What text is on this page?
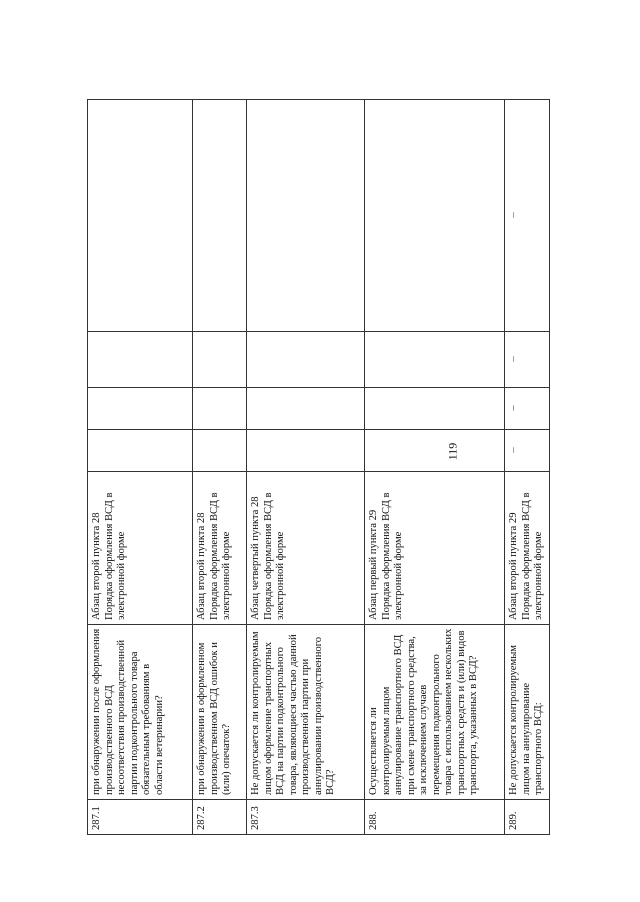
119
287.1	при обнаружении после оформления производственного ВСД несоответствия производственной партии подконтрольного товара обязательным требованиям в области ветеринарии?	Абзац второй пункта 28 Порядка оформления ВСД в электронной форме				
287.2	при обнаружении в оформленном производственном ВСД ошибок и (или) опечаток?	Абзац второй пункта 28 Порядка оформления ВСД в электронной форме				
287.3	Не допускается ли контролируемым лицом оформление транспортных ВСД на партии подконтрольного товара, являющиеся частью данной производственной партии при аннулировании производственного ВСД?	Абзац четвертый пункта 28 Порядка оформления ВСД в электронной форме				
288.	Осуществляется ли контролируемым лицом аннулирование транспортного ВСД при смене транспортного средства, за исключением случаев перемещения подконтрольного товара с использованием нескольких транспортных средств и (или) видов транспорта, указанных в ВСД?	Абзац первый пункта 29 Порядка оформления ВСД в электронной форме				
289.	Не допускается контролируемым лицом на аннулирование транспортного ВСД:	Абзац второй пункта 29 Порядка оформления ВСД в электронной форме	–	–	–	–
